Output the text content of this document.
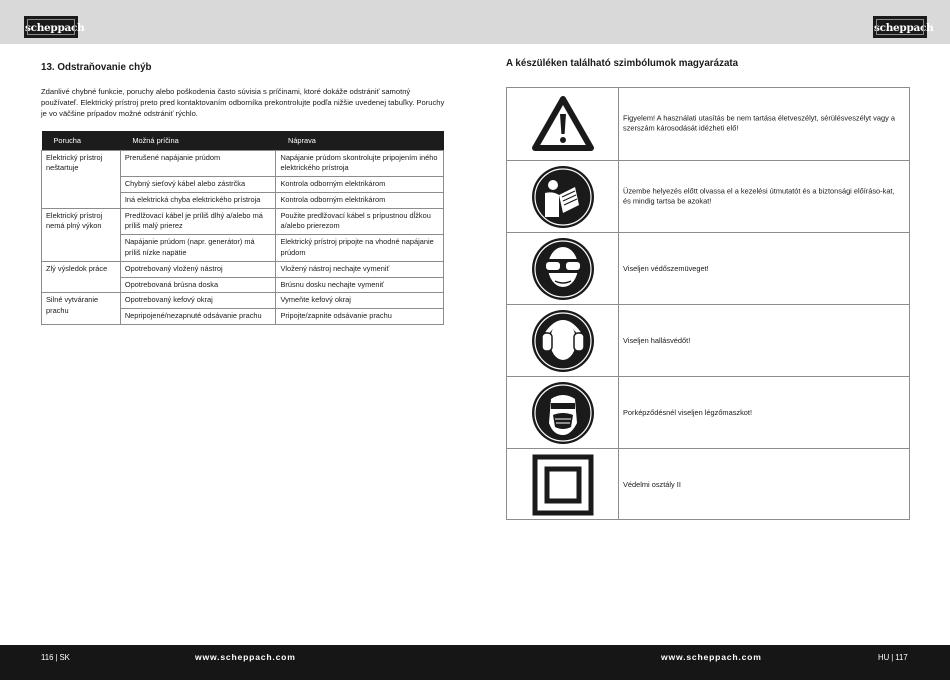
scheppach	scheppach
13. Odstraňovanie chýb
Zdanlivé chybné funkcie, poruchy alebo poškodenia často súvisia s príčinami, ktoré dokáže odstrániť samotný používateľ. Elektrický prístroj preto pred kontaktovaním odborníka prekontrolujte podľa nižšie uvedenej tabuľky. Poruchy je vo väčšine prípadov možné odstrániť rýchlo.
Porucha	Možná príčina	Náprava
Elektrický prístroj neštartuje	Prerušené napájanie prúdom	Napájanie prúdom skontrolujte pripojením iného elektrického prístroja
	Chybný sieťový kábel alebo zástrčka	Kontrola odborným elektrikárom
	Iná elektrická chyba elektrického prístroja	Kontrola odborným elektrikárom
Elektrický prístroj nemá plný výkon	Predlžovací kábel je príliš dlhý a/alebo má príliš malý prierez	Použite predlžovací kábel s prípustnou dĺžkou a/alebo prierezom
	Napájanie prúdom (napr. generátor) má príliš nízke napätie	Elektrický prístroj pripojte na vhodné napájanie prúdom
Zlý výsledok práce	Opotrebovaný vložený nástroj	Vložený nástroj nechajte vymeniť
	Opotrebovaná brúsna doska	Brúsnu dosku nechajte vymeniť
Silné vytváranie prachu	Opotrebovaný kefový okraj	Vymeňte kefový okraj
	Nepripojené/nezapnuté odsávanie prachu	Pripojte/zapnite odsávanie prachu
A készüléken található szimbólumok magyarázata
Figyelem! A használati utasítás be nem tartása életveszélyt, sérülésveszélyt vagy a szerszám károsodását idézheti elő!
Üzembe helyezés előtt olvassa el a kezelési útmutatót és a biztonsági előíráso-kat, és mindig tartsa be azokat!
Viseljen védőszemüveget!
Viseljen hallásvédőt!
Porképződésnél viseljen légzőmaszkot!
Védelmi osztály II
116 | SK	www.scheppach.com	www.scheppach.com	HU | 117
